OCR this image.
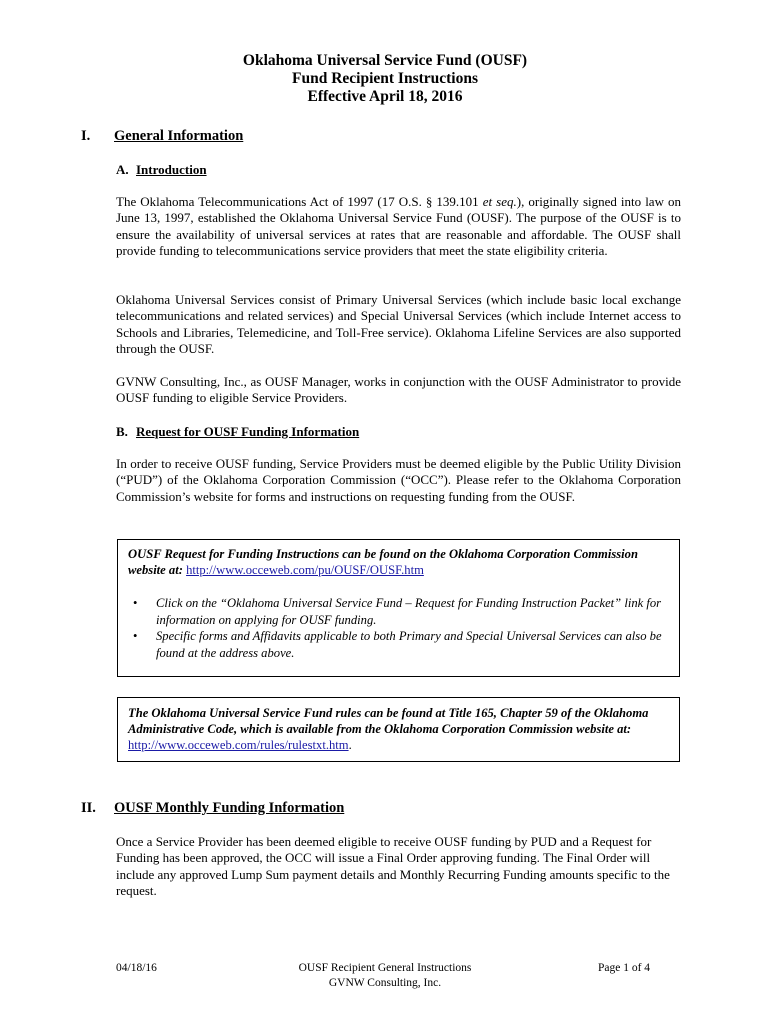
Oklahoma Universal Service Fund (OUSF)
Fund Recipient Instructions
Effective April 18, 2016
I. General Information
A. Introduction
The Oklahoma Telecommunications Act of 1997 (17 O.S. § 139.101 et seq.), originally signed into law on June 13, 1997, established the Oklahoma Universal Service Fund (OUSF). The purpose of the OUSF is to ensure the availability of universal services at rates that are reasonable and affordable. The OUSF shall provide funding to telecommunications service providers that meet the state eligibility criteria.
Oklahoma Universal Services consist of Primary Universal Services (which include basic local exchange telecommunications and related services) and Special Universal Services (which include Internet access to Schools and Libraries, Telemedicine, and Toll-Free service). Oklahoma Lifeline Services are also supported through the OUSF.
GVNW Consulting, Inc., as OUSF Manager, works in conjunction with the OUSF Administrator to provide OUSF funding to eligible Service Providers.
B. Request for OUSF Funding Information
In order to receive OUSF funding, Service Providers must be deemed eligible by the Public Utility Division (“PUD”) of the Oklahoma Corporation Commission (“OCC”). Please refer to the Oklahoma Corporation Commission’s website for forms and instructions on requesting funding from the OUSF.
OUSF Request for Funding Instructions can be found on the Oklahoma Corporation Commission website at: http://www.occeweb.com/pu/OUSF/OUSF.htm
• Click on the “Oklahoma Universal Service Fund – Request for Funding Instruction Packet” link for information on applying for OUSF funding.
• Specific forms and Affidavits applicable to both Primary and Special Universal Services can also be found at the address above.
The Oklahoma Universal Service Fund rules can be found at Title 165, Chapter 59 of the Oklahoma Administrative Code, which is available from the Oklahoma Corporation Commission website at: http://www.occeweb.com/rules/rulestxt.htm.
II. OUSF Monthly Funding Information
Once a Service Provider has been deemed eligible to receive OUSF funding by PUD and a Request for Funding has been approved, the OCC will issue a Final Order approving funding. The Final Order will include any approved Lump Sum payment details and Monthly Recurring Funding amounts specific to the request.
04/18/16	OUSF Recipient General Instructions
GVNW Consulting, Inc.
Page 1 of 4
